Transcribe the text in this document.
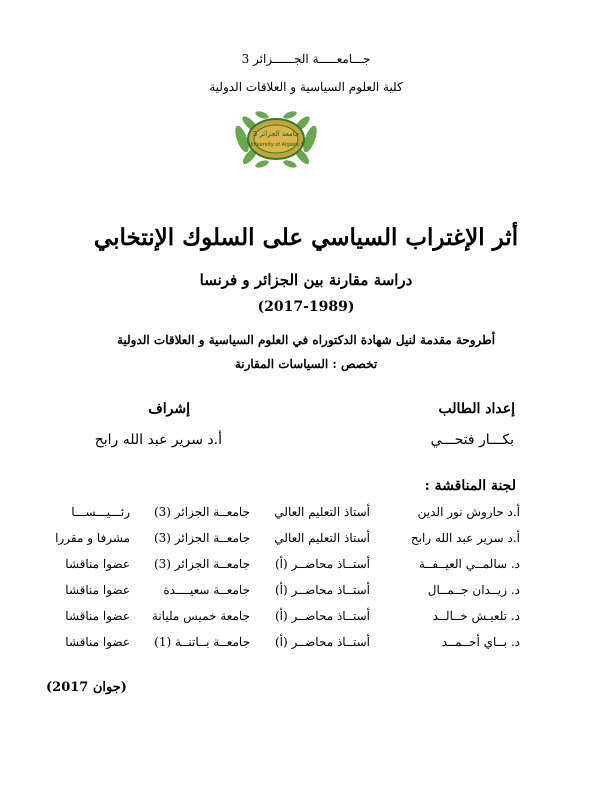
جـــامعـــــة الجــــــزائر 3
كلية العلوم السياسية و العلاقات الدولية
جامعة الجزائر 3
University of Algiers 3
أثر الإغتراب السياسي على السلوك الإنتخابي
دراسة مقارنة بين الجزائر و فرنسا
(2017-1989)
أطروحة مقدمة لنيل شهادة الدكتوراه في العلوم السياسية و العلاقات الدولية
تخصص : السياسات المقارنة
إعداد الطالب
إشراف
بكـــار فتحـــي
أ.د سرير عبد الله رابح
لجنة المناقشة :
أ.د حاروش نور الدين
أستاذ التعليم العالي
جامعــة الجزائر (3)
رئـــيـــســـا
أ.د سرير عبد الله رابح
أستاذ التعليم العالي
جامعــة الجزائر (3)
مشرفا و مقررا
د. سالمــي العيــفــة
أستــاذ محاضــر (أ)
جامعــة الجزائر (3)
عضوا مناقشا
د. زيــدان جــمــال
أستــاذ محاضــر (أ)
جامعــة سعيــــدة
عضوا مناقشا
د. تلعيـش خــالــد
أستــاذ محاضــر (أ)
جامعة خميس مليانة
عضوا مناقشا
د. بــاي أحــمــد
أستــاذ محاضــر (أ)
جامعــة بــاتنــة (1)
عضوا مناقشا
(جوان 2017)
